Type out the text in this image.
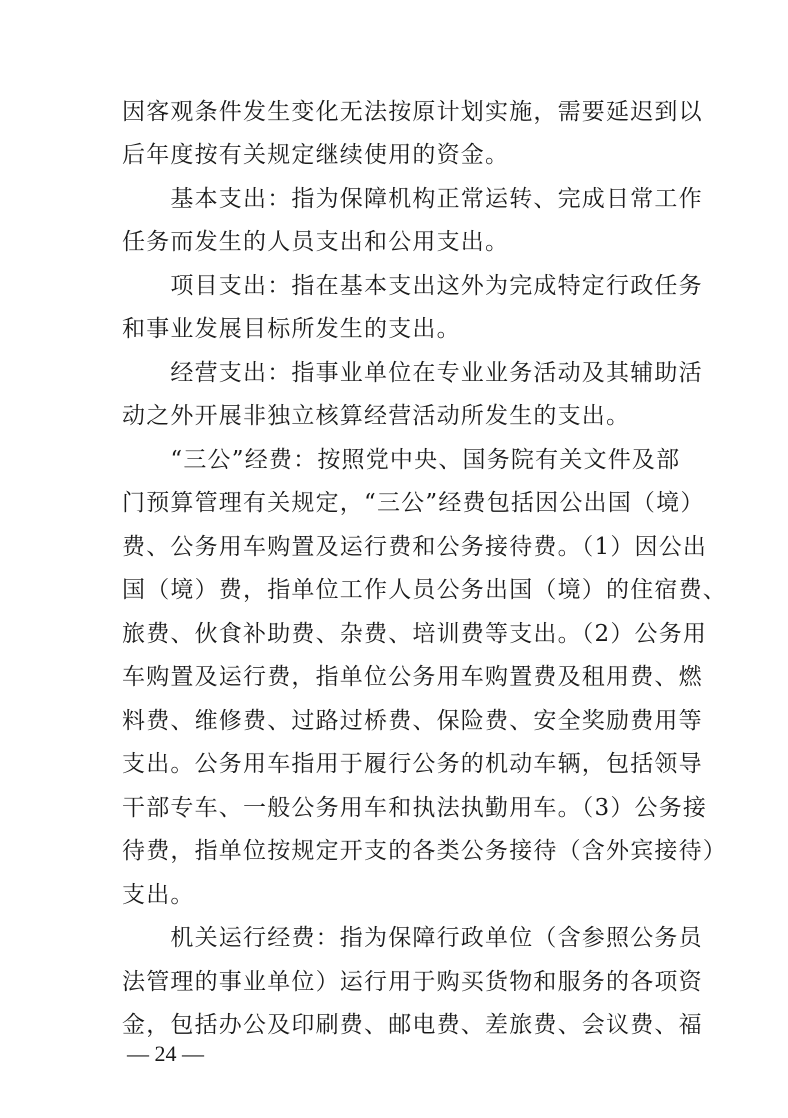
因客观条件发生变化无法按原计划实施，需要延迟到以
后年度按有关规定继续使用的资金。
　　基本支出：指为保障机构正常运转、完成日常工作
任务而发生的人员支出和公用支出。
　　项目支出：指在基本支出这外为完成特定行政任务
和事业发展目标所发生的支出。
　　经营支出：指事业单位在专业业务活动及其辅助活
动之外开展非独立核算经营活动所发生的支出。
　　“三公”经费：按照党中央、国务院有关文件及部
门预算管理有关规定，“三公”经费包括因公出国（境）
费、公务用车购置及运行费和公务接待费。（1）因公出
国（境）费，指单位工作人员公务出国（境）的住宿费、
旅费、伙食补助费、杂费、培训费等支出。（2）公务用
车购置及运行费，指单位公务用车购置费及租用费、燃
料费、维修费、过路过桥费、保险费、安全奖励费用等
支出。公务用车指用于履行公务的机动车辆，包括领导
干部专车、一般公务用车和执法执勤用车。（3）公务接
待费，指单位按规定开支的各类公务接待（含外宾接待）
支出。
　　机关运行经费：指为保障行政单位（含参照公务员
法管理的事业单位）运行用于购买货物和服务的各项资
金，包括办公及印刷费、邮电费、差旅费、会议费、福
— 24 —
